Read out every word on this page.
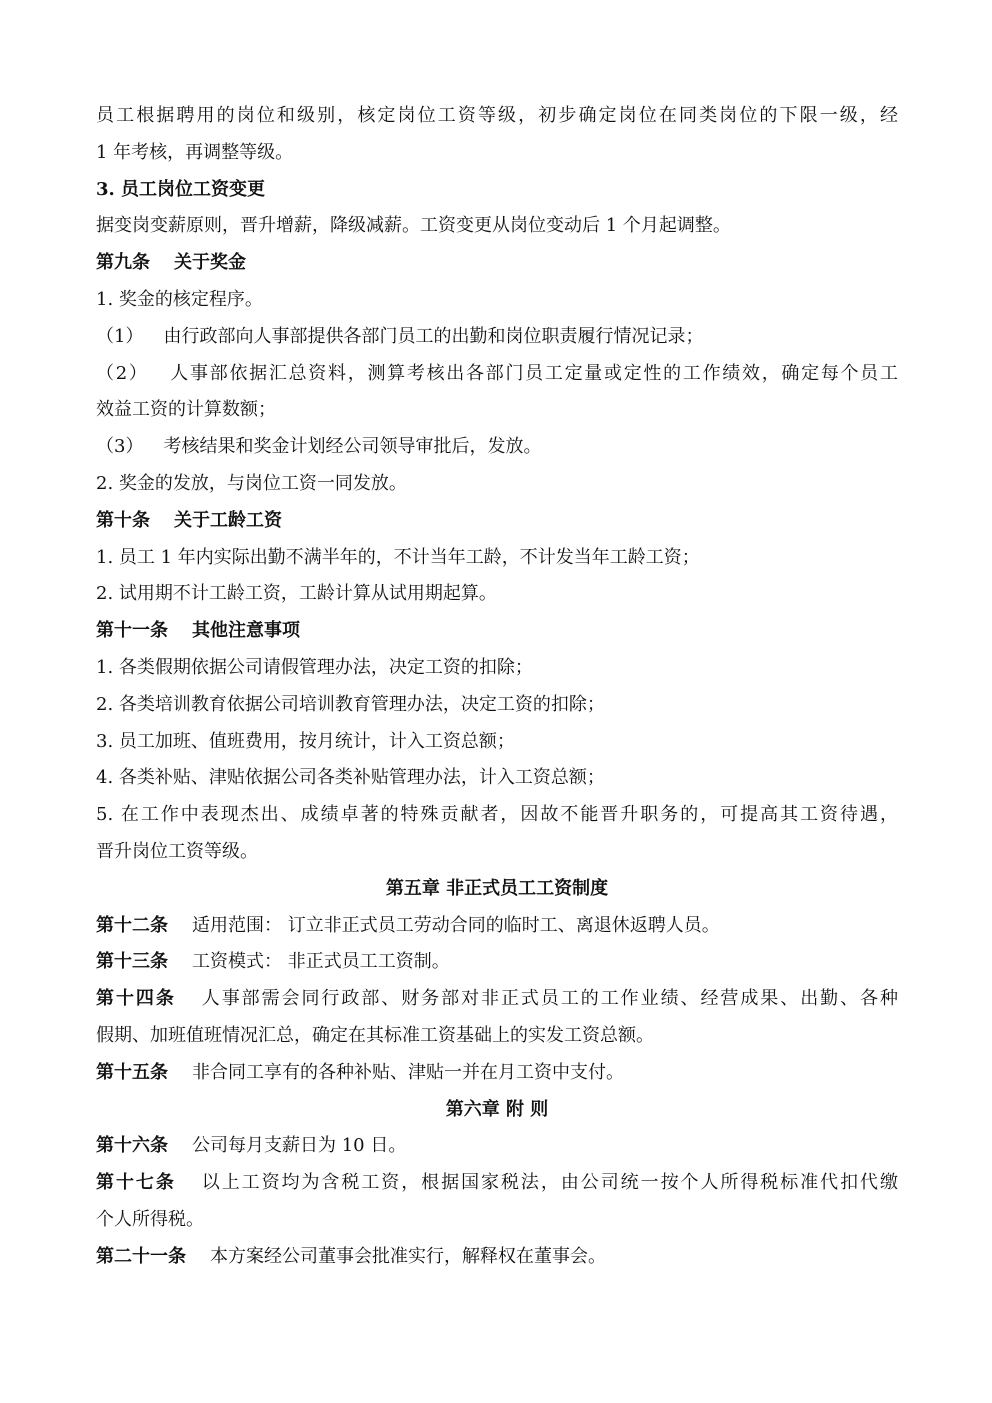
员工根据聘用的岗位和级别，核定岗位工资等级，初步确定岗位在同类岗位的下限一级，经
1 年考核，再调整等级。
3. 员工岗位工资变更
据变岗变薪原则，晋升增薪，降级减薪。工资变更从岗位变动后 1 个月起调整。
第九条 关于奖金
1. 奖金的核定程序。
（1） 由行政部向人事部提供各部门员工的出勤和岗位职责履行情况记录；
（2） 人事部依据汇总资料，测算考核出各部门员工定量或定性的工作绩效，确定每个员工
效益工资的计算数额；
（3） 考核结果和奖金计划经公司领导审批后，发放。
2. 奖金的发放，与岗位工资一同发放。
第十条 关于工龄工资
1. 员工 1 年内实际出勤不满半年的，不计当年工龄，不计发当年工龄工资；
2. 试用期不计工龄工资，工龄计算从试用期起算。
第十一条 其他注意事项
1. 各类假期依据公司请假管理办法，决定工资的扣除；
2. 各类培训教育依据公司培训教育管理办法，决定工资的扣除；
3. 员工加班、值班费用，按月统计，计入工资总额；
4. 各类补贴、津贴依据公司各类补贴管理办法，计入工资总额；
5. 在工作中表现杰出、成绩卓著的特殊贡献者，因故不能晋升职务的，可提高其工资待遇，
晋升岗位工资等级。
第五章 非正式员工工资制度
第十二条 适用范围： 订立非正式员工劳动合同的临时工、离退休返聘人员。
第十三条 工资模式： 非正式员工工资制。
第十四条 人事部需会同行政部、财务部对非正式员工的工作业绩、经营成果、出勤、各种
假期、加班值班情况汇总，确定在其标准工资基础上的实发工资总额。
第十五条 非合同工享有的各种补贴、津贴一并在月工资中支付。
第六章 附 则
第十六条 公司每月支薪日为 10 日。
第十七条 以上工资均为含税工资，根据国家税法，由公司统一按个人所得税标准代扣代缴
个人所得税。
第二十一条 本方案经公司董事会批准实行，解释权在董事会。
